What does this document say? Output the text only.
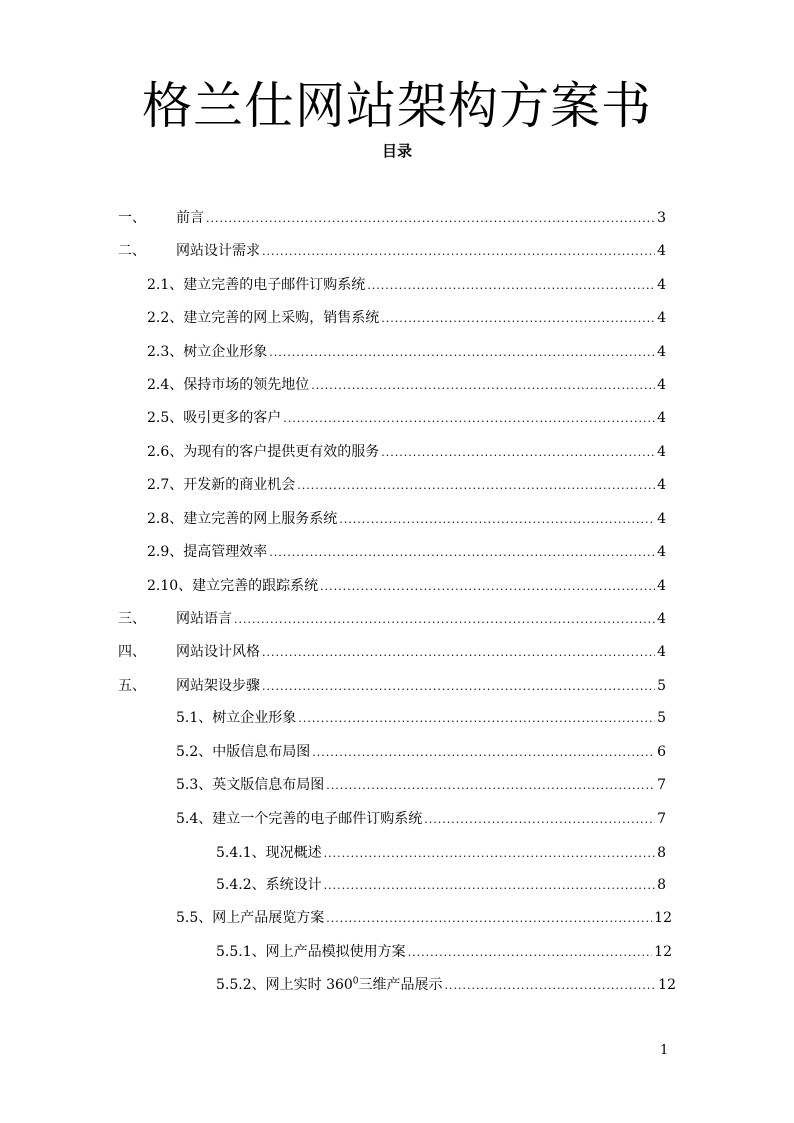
格兰仕网站架构方案书
目录
一、	前言 .....	3
二、	网站设计需求 .....	4
2.1、建立完善的电子邮件订购系统 .....	4
2.2、建立完善的网上采购，销售系统 .....	4
2.3、树立企业形象 .....	4
2.4、保持市场的领先地位 .....	4
2.5、吸引更多的客户 .....	4
2.6、为现有的客户提供更有效的服务 .....	4
2.7、开发新的商业机会 .....	4
2.8、建立完善的网上服务系统 .....	4
2.9、提高管理效率 .....	4
2.10、建立完善的跟踪系统 .....	4
三、	网站语言 .....	4
四、	网站设计风格 .....	4
五、	网站架设步骤 .....	5
5.1、树立企业形象 .....	5
5.2、中版信息布局图 .....	6
5.3、英文版信息布局图 .....	7
5.4、建立一个完善的电子邮件订购系统 .....	7
5.4.1、现况概述 .....	8
5.4.2、系统设计 .....	8
5.5、网上产品展览方案 .....	12
5.5.1、网上产品模拟使用方案 .....	12
5.5.2、网上实时 $360^0$三维产品展示 .....	12
1
